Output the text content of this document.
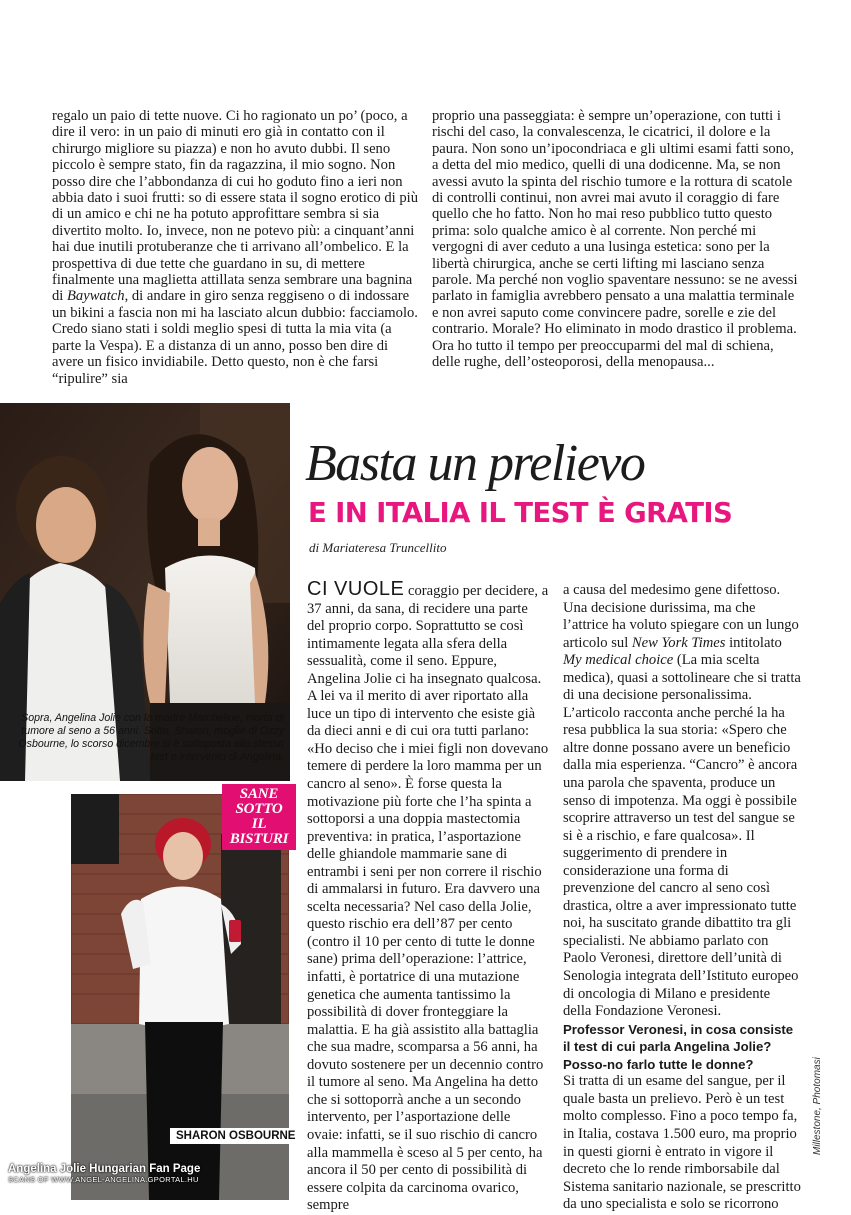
regalo un paio di tette nuove. Ci ho ragionato un po’ (poco, a dire il vero: in un paio di minuti ero già in contatto con il chirurgo migliore su piazza) e non ho avuto dubbi. Il seno piccolo è sempre stato, fin da ragazzina, il mio sogno. Non posso dire che l’abbondanza di cui ho goduto fino a ieri non abbia dato i suoi frutti: so di essere stata il sogno erotico di più di un amico e chi ne ha potuto approfittare sembra si sia divertito molto. Io, invece, non ne potevo più: a cinquant’anni hai due inutili protuberanze che ti arrivano all’ombelico. E la prospettiva di due tette che guardano in su, di mettere finalmente una maglietta attillata senza sembrare una bagnina di Baywatch, di andare in giro senza reggiseno o di indossare un bikini a fascia non mi ha lasciato alcun dubbio: facciamolo. Credo siano stati i soldi meglio spesi di tutta la mia vita (a parte la Vespa). E a distanza di un anno, posso ben dire di avere un fisico invidiabile. Detto questo, non è che farsi “ripulire” sia

proprio una passeggiata: è sempre un’operazione, con tutti i rischi del caso, la convalescenza, le cicatrici, il dolore e la paura. Non sono un’ipocondriaca e gli ultimi esami fatti sono, a detta del mio medico, quelli di una dodicenne. Ma, se non avessi avuto la spinta del rischio tumore e la rottura di scatole di controlli continui, non avrei mai avuto il coraggio di fare quello che ho fatto. Non ho mai reso pubblico tutto questo prima: solo qualche amico è al corrente. Non perché mi vergogni di aver ceduto a una lusinga estetica: sono per la libertà chirurgica, anche se certi lifting mi lasciano senza parole. Ma perché non voglio spaventare nessuno: se ne avessi parlato in famiglia avrebbero pensato a una malattia terminale e non avrei saputo come convincere padre, sorelle e zie del contrario. Morale? Ho eliminato in modo drastico il problema. Ora ho tutto il tempo per preoccuparmi del mal di schiena, delle rughe, dell’osteoporosi, della menopausa...

Sopra, Angelina Jolie con la madre Marcheline, morta di tumore al seno a 56 anni. Sotto, Sharon, moglie di Ozzy Osbourne, lo scorso dicembre si è sottoposta allo stesso test e intervento di Angelina.
SANE
SOTTO IL
BISTURI
SHARON OSBOURNE
Basta un prelievo
E IN ITALIA IL TEST È GRATIS
di Mariateresa Truncellito

CI VUOLE coraggio per decidere, a 37 anni, da sana, di recidere una parte del proprio corpo. Soprattutto se così intimamente legata alla sfera della sessualità, come il seno. Eppure, Angelina Jolie ci ha insegnato qualcosa. A lei va il merito di aver riportato alla luce un tipo di intervento che esiste già da dieci anni e di cui ora tutti parlano: «Ho deciso che i miei figli non dovevano temere di perdere la loro mamma per un cancro al seno». È forse questa la motivazione più forte che l’ha spinta a sottoporsi a una doppia mastectomia preventiva: in pratica, l’asportazione delle ghiandole mammarie sane di entrambi i seni per non correre il rischio di ammalarsi in futuro. Era davvero una scelta necessaria? Nel caso della Jolie, questo rischio era dell’87 per cento (contro il 10 per cento di tutte le donne sane) prima dell’operazione: l’attrice, infatti, è portatrice di una mutazione genetica che aumenta tantissimo la possibilità di dover fronteggiare la malattia. E ha già assistito alla battaglia che sua madre, scomparsa a 56 anni, ha dovuto sostenere per un decennio contro il tumore al seno. Ma Angelina ha detto che si sottoporrà anche a un secondo intervento, per l’asportazione delle ovaie: infatti, se il suo rischio di cancro alla mammella è sceso al 5 per cento, ha ancora il 50 per cento di possibilità di essere colpita da carcinoma ovarico, sempre

a causa del medesimo gene difettoso. Una decisione durissima, ma che l’attrice ha voluto spiegare con un lungo articolo sul New York Times intitolato My medical choice (La mia scelta medica), quasi a sottolineare che si tratta di una decisione personalissima. L’articolo racconta anche perché la ha resa pubblica la sua storia: «Spero che altre donne possano avere un beneficio dalla mia esperienza. “Cancro” è ancora una parola che spaventa, produce un senso di impotenza. Ma oggi è possibile scoprire attraverso un test del sangue se si è a rischio, e fare qualcosa». Il suggerimento di prendere in considerazione una forma di prevenzione del cancro al seno così drastica, oltre a aver impressionato tutte noi, ha suscitato grande dibattito tra gli specialisti. Ne abbiamo parlato con Paolo Veronesi, direttore dell’unità di Senologia integrata dell’Istituto europeo di oncologia di Milano e presidente della Fondazione Veronesi.

Professor Veronesi, in cosa consiste il test di cui parla Angelina Jolie? Posso-no farlo tutte le donne?

Si tratta di un esame del sangue, per il quale basta un prelievo. Però è un test molto complesso. Fino a poco tempo fa, in Italia, costava 1.500 euro, ma proprio in questi giorni è entrato in vigore il decreto che lo rende rimborsabile dal Sistema sanitario nazionale, se prescritto da uno specialista e solo se ricorrono

Millestone, Photomasi
Angelina Jolie Hungarian Fan Page
SCANS OF WWW.ANGEL-ANGELINA.GPORTAL.HU
